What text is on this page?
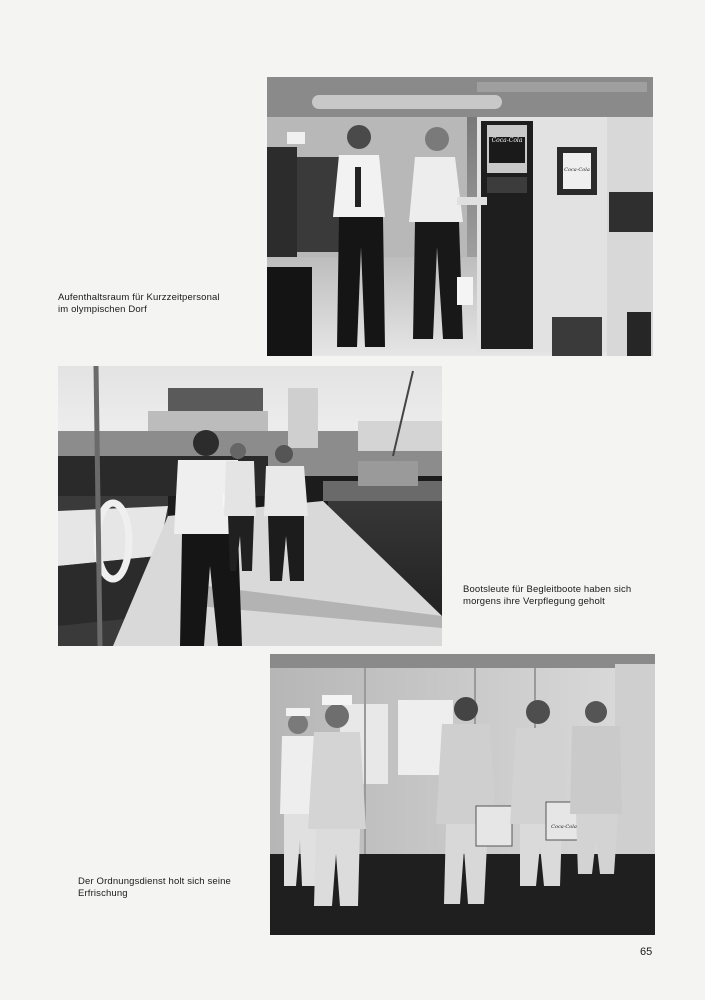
Coca-Cola
Coca-Cola
Aufenthaltsraum für Kurzzeitpersonal
im olympischen Dorf
Bootsleute für Begleitboote haben sich
morgens ihre Verpflegung geholt
Coca-Cola
Der Ordnungsdienst holt sich seine
Erfrischung
65
